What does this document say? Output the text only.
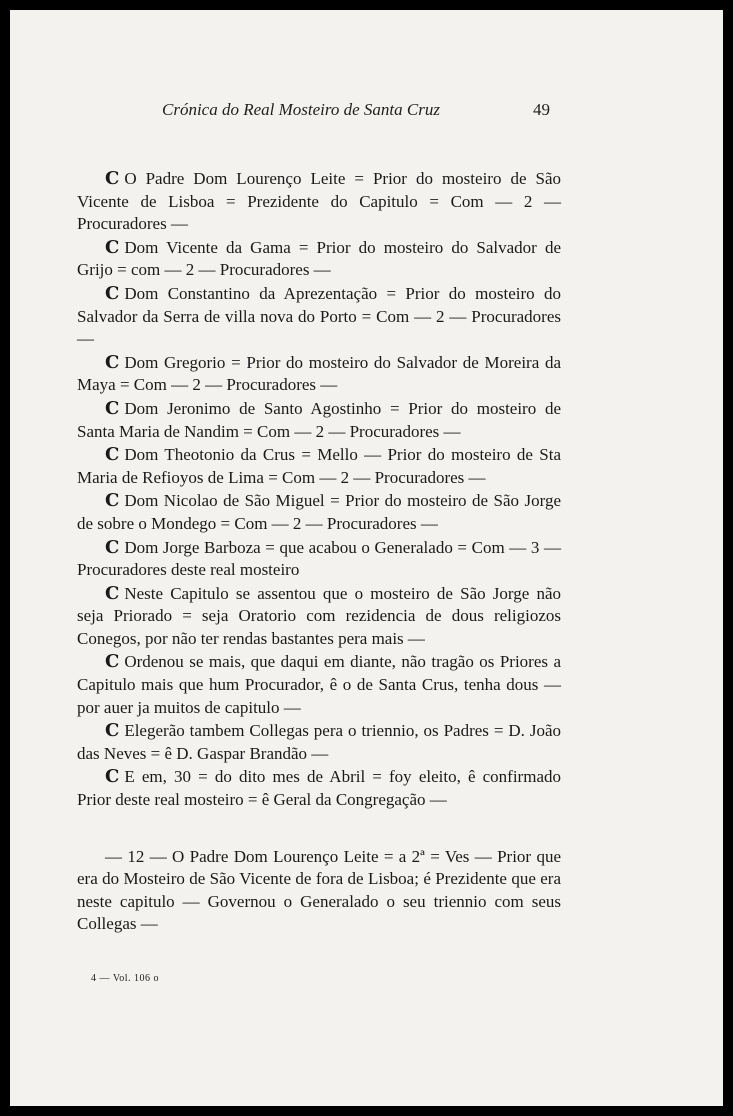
Crónica do Real Mosteiro de Santa Cruz	49

Ⅽ O Padre Dom Lourenço Leite = Prior do mosteiro de São Vicente de Lisboa = Prezidente do Capitulo = Com — 2 — Procuradores —

Ⅽ Dom Vicente da Gama = Prior do mosteiro do Salvador de Grijo = com — 2 — Procuradores —

Ⅽ Dom Constantino da Aprezentação = Prior do mosteiro do Salvador da Serra de villa nova do Porto = Com — 2 — Procuradores —

Ⅽ Dom Gregorio = Prior do mosteiro do Salvador de Moreira da Maya = Com — 2 — Procuradores —

Ⅽ Dom Jeronimo de Santo Agostinho = Prior do mosteiro de Santa Maria de Nandim = Com — 2 — Procuradores —

Ⅽ Dom Theotonio da Crus = Mello — Prior do mosteiro de Sta Maria de Refioyos de Lima = Com — 2 — Procuradores —

Ⅽ Dom Nicolao de São Miguel = Prior do mosteiro de São Jorge de sobre o Mondego = Com — 2 — Procuradores —

Ⅽ Dom Jorge Barboza = que acabou o Generalado = Com — 3 — Procuradores deste real mosteiro

Ⅽ Neste Capitulo se assentou que o mosteiro de São Jorge não seja Priorado = seja Oratorio com rezidencia de dous religiozos Conegos, por não ter rendas bastantes pera mais —

Ⅽ Ordenou se mais, que daqui em diante, não tragão os Priores a Capitulo mais que hum Procurador, ê o de Santa Crus, tenha dous — por auer ja muitos de capitulo —

Ⅽ Elegerão tambem Collegas pera o triennio, os Padres = D. João das Neves = ê D. Gaspar Brandão —

Ⅽ E em, 30 = do dito mes de Abril = foy eleito, ê confirmado Prior deste real mosteiro = ê Geral da Congregação —

— 12 — O Padre Dom Lourenço Leite = a 2ª = Ves — Prior que era do Mosteiro de São Vicente de fora de Lisboa; é Prezidente que era neste capitulo — Governou o Generalado o seu triennio com seus Collegas —

4 — Vol. 106 o
